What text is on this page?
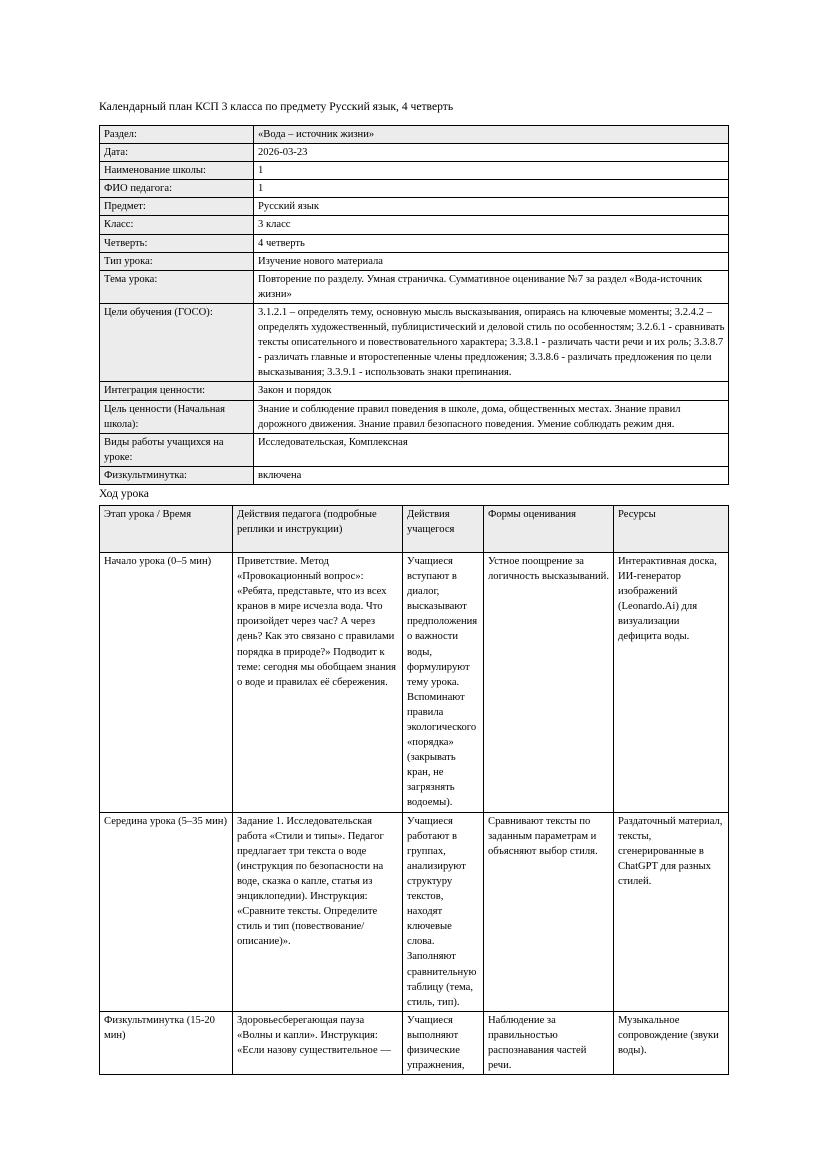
Календарный план КСП 3 класса по предмету Русский язык, 4 четверть

Раздел:	«Вода – источник жизни»
Дата:	2026-03-23
Наименование школы:	1
ФИО педагога:	1
Предмет:	Русский язык
Класс:	3 класс
Четверть:	4 четверть
Тип урока:	Изучение нового материала
Тема урока:	Повторение по разделу. Умная страничка. Суммативное оценивание №7 за раздел «Вода-источник жизни»
Цели обучения (ГОСО):	3.1.2.1 – определять тему, основную мысль высказывания, опираясь на ключевые моменты; 3.2.4.2 – определять художественный, публицистический и деловой стиль по особенностям; 3.2.6.1 - сравнивать тексты описательного и повествовательного характера; 3.3.8.1 - различать части речи и их роль; 3.3.8.7 - различать главные и второстепенные члены предложения; 3.3.8.6 - различать предложения по цели высказывания; 3.3.9.1 - использовать знаки препинания.
Интеграция ценности:	Закон и порядок
Цель ценности (Начальная школа):	Знание и соблюдение правил поведения в школе, дома, общественных местах. Знание правил дорожного движения. Знание правил безопасного поведения. Умение соблюдать режим дня.
Виды работы учащихся на уроке:	Исследовательская, Комплексная
Физкультминутка:	включена

Ход урока

Этап урока / Время	Действия педагога (подробные реплики и инструкции)	Действия учащегося	Формы оценивания	Ресурсы
Начало урока (0–5 мин)	Приветствие. Метод «Провокационный вопрос»: «Ребята, представьте, что из всех кранов в мире исчезла вода. Что произойдет через час? А через день? Как это связано с правилами порядка в природе?» Подводит к теме: сегодня мы обобщаем знания о воде и правилах её сбережения.	Учащиеся вступают в диалог, высказывают предположения о важности воды, формулируют тему урока. Вспоминают правила экологического «порядка» (закрывать кран, не загрязнять водоемы).	Устное поощрение за логичность высказываний.	Интерактивная доска, ИИ-генератор изображений (Leonardo.Ai) для визуализации дефицита воды.
Середина урока (5–35 мин)	Задание 1. Исследовательская работа «Стили и типы». Педагог предлагает три текста о воде (инструкция по безопасности на воде, сказка о капле, статья из энциклопедии). Инструкция: «Сравните тексты. Определите стиль и тип (повествование/описание)».	Учащиеся работают в группах, анализируют структуру текстов, находят ключевые слова. Заполняют сравнительную таблицу (тема, стиль, тип).	Сравнивают тексты по заданным параметрам и объясняют выбор стиля.	Раздаточный материал, тексты, сгенерированные в ChatGPT для разных стилей.
Физкультминутка (15-20 мин)	Здоровьесберегающая пауза «Волны и капли». Инструкция: «Если назову существительное —	Учащиеся выполняют физические упражнения,	Наблюдение за правильностью распознавания частей речи.	Музыкальное сопровождение (звуки воды).
